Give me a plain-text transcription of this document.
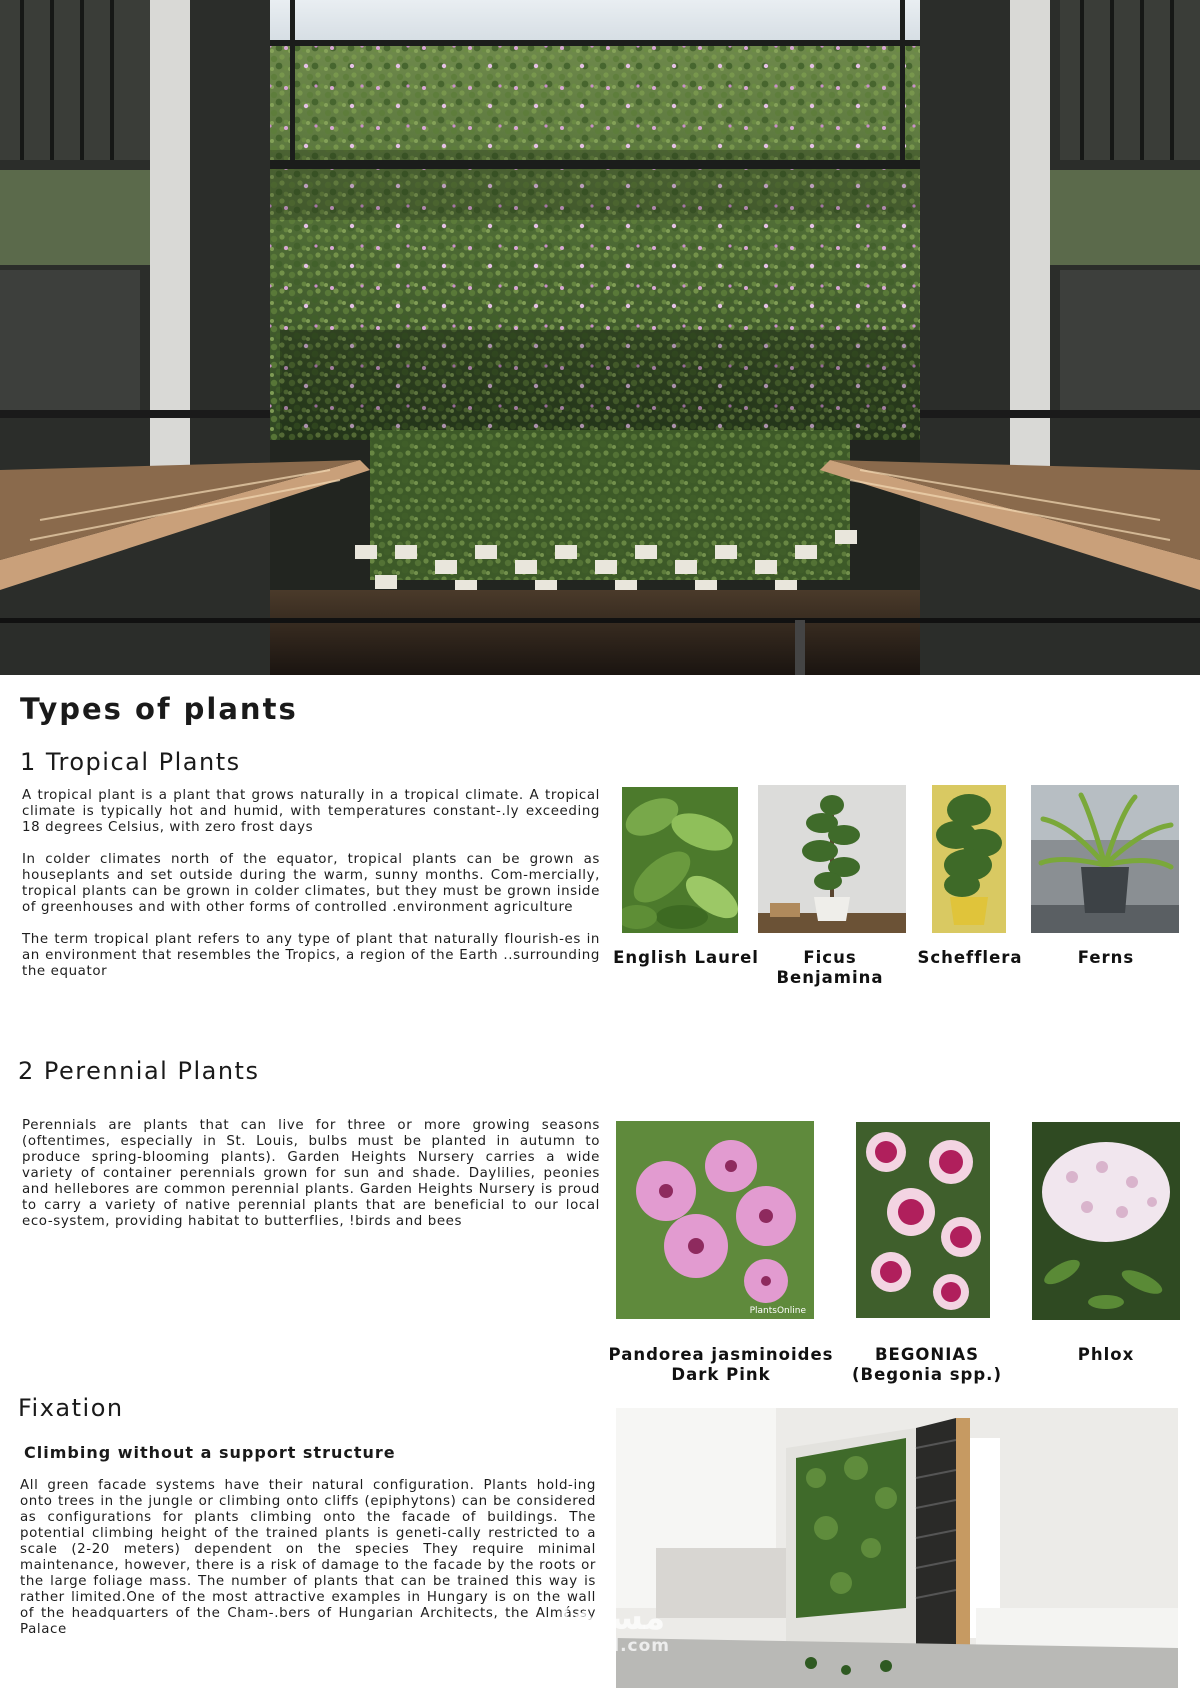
Types of plants
1 Tropical Plants

A tropical plant is a plant that grows naturally in a tropical climate. A tropical climate is typically hot and humid, with temperatures constant-.ly exceeding 18 degrees Celsius, with zero frost days

In colder climates north of the equator, tropical plants can be grown as houseplants and set outside during the warm, sunny months. Com-mercially, tropical plants can be grown in colder climates, but they must be grown inside of greenhouses and with other forms of controlled .environment agriculture

The term tropical plant refers to any type of plant that naturally flourish-es in an environment that resembles the Tropics, a region of the Earth ..surrounding the equator

English Laurel	Ficus Benjamina
Schefflera	Ferns
2 Perennial Plants

Perennials are plants that can live for three or more growing seasons (oftentimes, especially in St. Louis, bulbs must be planted in autumn to produce spring-blooming plants). Garden Heights Nursery carries a wide variety of container perennials grown for sun and shade. Daylilies, peonies and hellebores are common perennial plants. Garden Heights Nursery is proud to carry a variety of native perennial plants that are beneficial to our local eco-system, providing habitat to butterflies, !birds and bees

PlantsOnline
Pandorea jasminoides Dark Pink
BEGONIAS (Begonia spp.)
Phlox
Fixation
Climbing without a support structure

All green facade systems have their natural configuration. Plants hold-ing onto trees in the jungle or climbing onto cliffs (epiphytons) can be considered as configurations for plants climbing onto the facade of buildings. The potential climbing height of the trained plants is geneti-cally restricted to a scale (2-20 meters) dependent on the species They require minimal maintenance, however, there is a risk of damage to the facade by the roots or the large foliage mass. The number of plants that can be trained this way is rather limited.One of the most attractive examples in Hungary is on the wall of the headquarters of the Cham-.bers of Hungarian Architects, the Almássy Palace	مستقل
mostaql.com
